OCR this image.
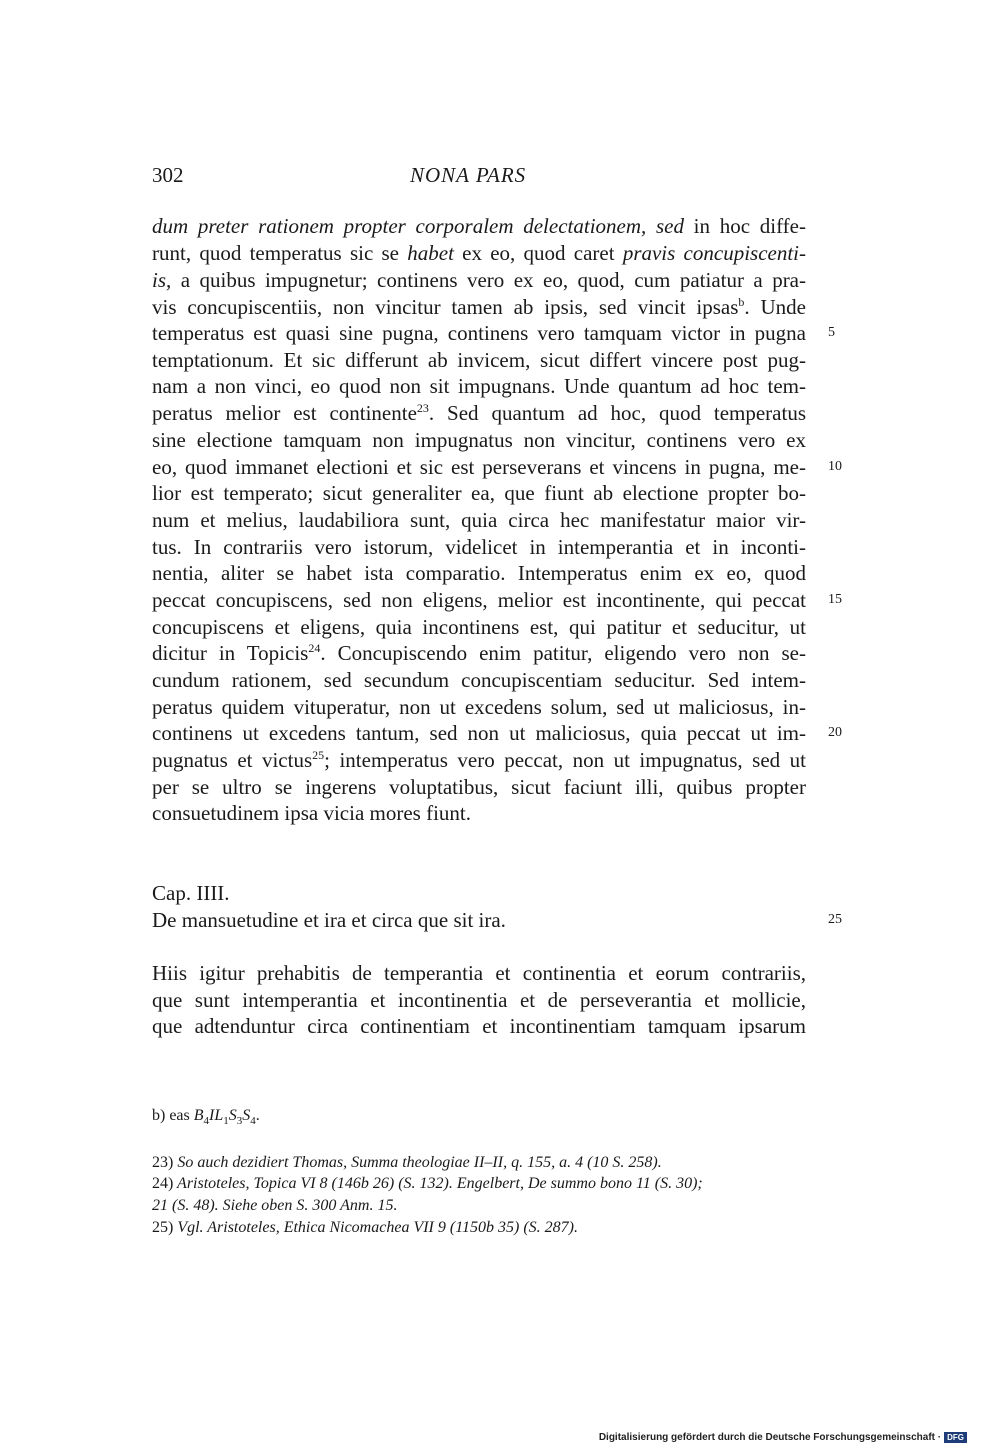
302	NONA PARS
dum preter rationem propter corporalem delectationem, sed in hoc diffe-
runt, quod temperatus sic se habet ex eo, quod caret pravis concupiscenti-
is, a quibus impugnetur; continens vero ex eo, quod, cum patiatur a pra-
vis concupiscentiis, non vincitur tamen ab ipsis, sed vincit ipsas$^b$. Unde
temperatus est quasi sine pugna, continens vero tamquam victor in pugna 5
temptationum. Et sic differunt ab invicem, sicut differt vincere post pug-
nam a non vinci, eo quod non sit impugnans. Unde quantum ad hoc tem-
peratus melior est continente$^{23}$. Sed quantum ad hoc, quod temperatus
sine electione tamquam non impugnatus non vincitur, continens vero ex
eo, quod immanet electioni et sic est perseverans et vincens in pugna, me- 10
lior est temperato; sicut generaliter ea, que fiunt ab electione propter bo-
num et melius, laudabiliora sunt, quia circa hec manifestatur maior vir-
tus. In contrariis vero istorum, videlicet in intemperantia et in inconti-
nentia, aliter se habet ista comparatio. Intemperatus enim ex eo, quod
peccat concupiscens, sed non eligens, melior est incontinente, qui peccat 15
concupiscens et eligens, quia incontinens est, qui patitur et seducitur, ut
dicitur in Topicis$^{24}$. Concupiscendo enim patitur, eligendo vero non se-
cundum rationem, sed secundum concupiscentiam seducitur. Sed intem-
peratus quidem vituperatur, non ut excedens solum, sed ut maliciosus, in-
continens ut excedens tantum, sed non ut maliciosus, quia peccat ut im- 20
pugnatus et victus$^{25}$; intemperatus vero peccat, non ut impugnatus, sed ut
per se ultro se ingerens voluptatibus, sicut faciunt illi, quibus propter
consuetudinem ipsa vicia mores fiunt.
Cap. IIII.
De mansuetudine et ira et circa que sit ira.	25
Hiis igitur prehabitis de temperantia et continentia et eorum contrariis,
que sunt intemperantia et incontinentia et de perseverantia et mollicie,
que adtenduntur circa continentiam et incontinentiam tamquam ipsarum
b) eas $B_4IL_1S_3S_4$.
23) So auch dezidiert Thomas, Summa theologiae II–II, q. 155, a. 4 (10 S. 258).
24) Aristoteles, Topica VI 8 (146b 26) (S. 132). Engelbert, De summo bono 11 (S. 30);
21 (S. 48). Siehe oben S. 300 Anm. 15.
25) Vgl. Aristoteles, Ethica Nicomachea VII 9 (1150b 35) (S. 287).
Digitalisierung gefördert durch die Deutsche Forschungsgemeinschaft · DFG
